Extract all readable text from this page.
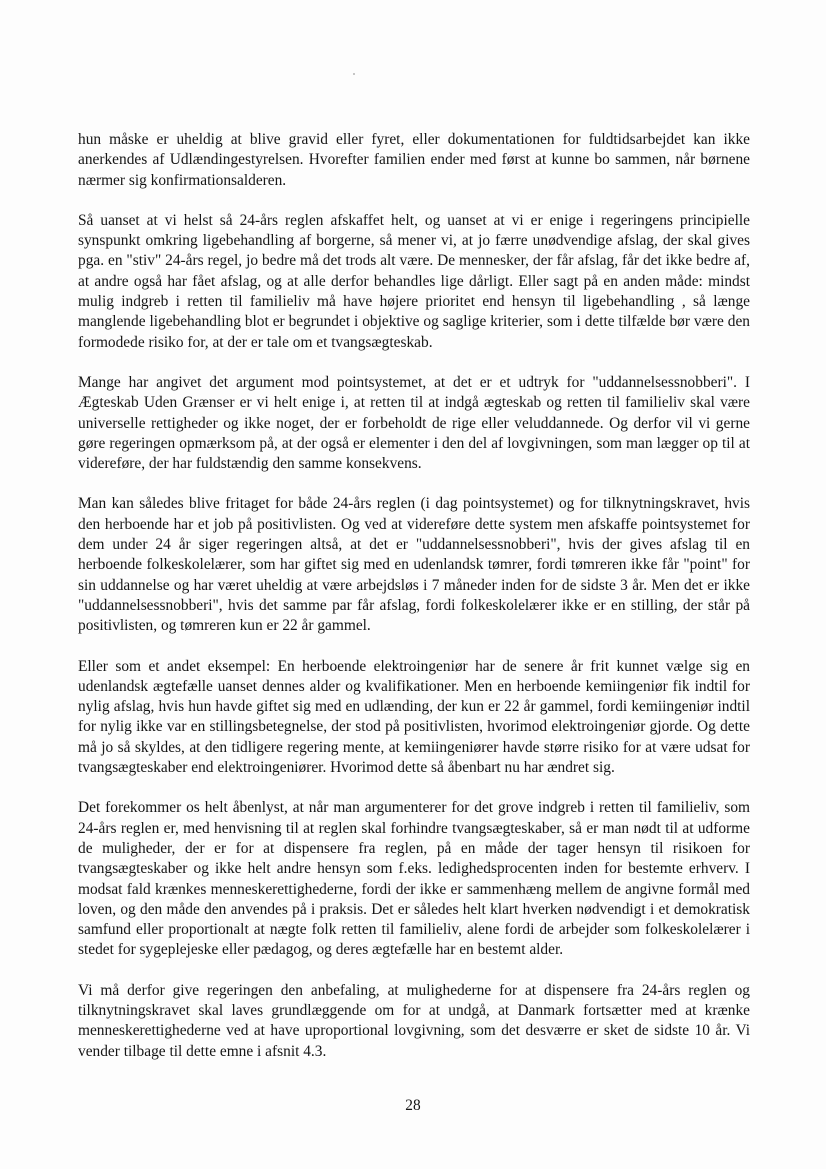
hun måske er uheldig at blive gravid eller fyret, eller dokumentationen for fuldtidsarbejdet kan ikke anerkendes af Udlændingestyrelsen. Hvorefter familien ender med først at kunne bo sammen, når børnene nærmer sig konfirmationsalderen.

Så uanset at vi helst så 24-års reglen afskaffet helt, og uanset at vi er enige i regeringens principielle synspunkt omkring ligebehandling af borgerne, så mener vi, at jo færre unødvendige afslag, der skal gives pga. en "stiv" 24-års regel, jo bedre må det trods alt være. De mennesker, der får afslag, får det ikke bedre af, at andre også har fået afslag, og at alle derfor behandles lige dårligt. Eller sagt på en anden måde: mindst mulig indgreb i retten til familieliv må have højere prioritet end hensyn til ligebehandling , så længe manglende ligebehandling blot er begrundet i objektive og saglige kriterier, som i dette tilfælde bør være den formodede risiko for, at der er tale om et tvangsægteskab.

Mange har angivet det argument mod pointsystemet, at det er et udtryk for "uddannelsessnobberi". I Ægteskab Uden Grænser er vi helt enige i, at retten til at indgå ægteskab og retten til familieliv skal være universelle rettigheder og ikke noget, der er forbeholdt de rige eller veluddannede. Og derfor vil vi gerne gøre regeringen opmærksom på, at der også er elementer i den del af lovgivningen, som man lægger op til at videreføre, der har fuldstændig den samme konsekvens.

Man kan således blive fritaget for både 24-års reglen (i dag pointsystemet) og for tilknytningskravet, hvis den herboende har et job på positivlisten. Og ved at videreføre dette system men afskaffe pointsystemet for dem under 24 år siger regeringen altså, at det er "uddannelsessnobberi", hvis der gives afslag til en herboende folkeskolelærer, som har giftet sig med en udenlandsk tømrer, fordi tømreren ikke får "point" for sin uddannelse og har været uheldig at være arbejdsløs i 7 måneder inden for de sidste 3 år. Men det er ikke "uddannelsessnobberi", hvis det samme par får afslag, fordi folkeskolelærer ikke er en stilling, der står på positivlisten, og tømreren kun er 22 år gammel.

Eller som et andet eksempel: En herboende elektroingeniør har de senere år frit kunnet vælge sig en udenlandsk ægtefælle uanset dennes alder og kvalifikationer. Men en herboende kemiingeniør fik indtil for nylig afslag, hvis hun havde giftet sig med en udlænding, der kun er 22 år gammel, fordi kemiingeniør indtil for nylig ikke var en stillingsbetegnelse, der stod på positivlisten, hvorimod elektroingeniør gjorde. Og dette må jo så skyldes, at den tidligere regering mente, at kemiingeniører havde større risiko for at være udsat for tvangsægteskaber end elektroingeniører. Hvorimod dette så åbenbart nu har ændret sig.

Det forekommer os helt åbenlyst, at når man argumenterer for det grove indgreb i retten til familieliv, som 24-års reglen er, med henvisning til at reglen skal forhindre tvangsægteskaber, så er man nødt til at udforme de muligheder, der er for at dispensere fra reglen, på en måde der tager hensyn til risikoen for tvangsægteskaber og ikke helt andre hensyn som f.eks. ledighedsprocenten inden for bestemte erhverv. I modsat fald krænkes menneskerettighederne, fordi der ikke er sammenhæng mellem de angivne formål med loven, og den måde den anvendes på i praksis. Det er således helt klart hverken nødvendigt i et demokratisk samfund eller proportionalt at nægte folk retten til familieliv, alene fordi de arbejder som folkeskolelærer i stedet for sygeplejeske eller pædagog, og deres ægtefælle har en bestemt alder.

Vi må derfor give regeringen den anbefaling, at mulighederne for at dispensere fra 24-års reglen og tilknytningskravet skal laves grundlæggende om for at undgå, at Danmark fortsætter med at krænke menneskerettighederne ved at have uproportional lovgivning, som det desværre er sket de sidste 10 år. Vi vender tilbage til dette emne i afsnit 4.3.

28
